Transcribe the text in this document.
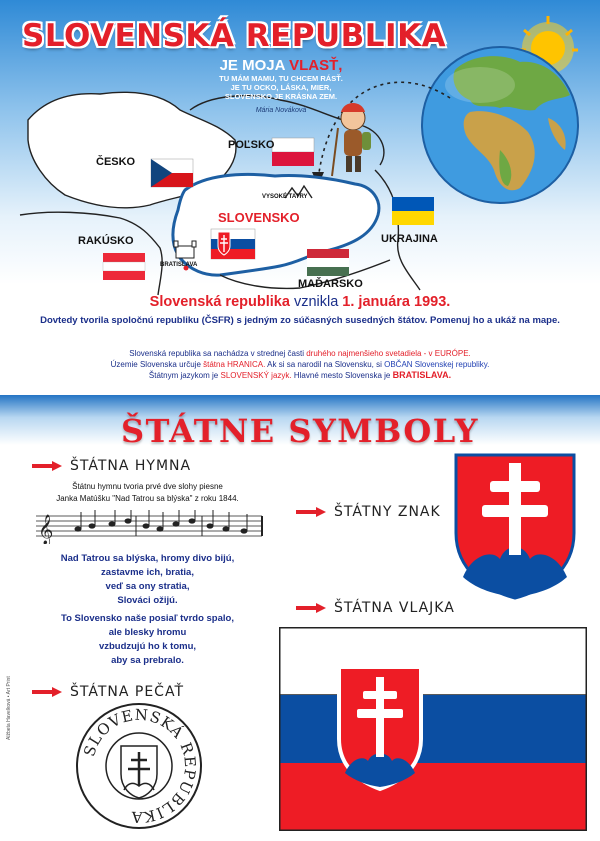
SLOVENSKÁ REPUBLIKA
JE MOJA VLASŤ,
TU MÁM MAMU, TU CHCEM RÁSŤ.
JE TU OCKO, LÁSKA, MIER,
SLOVENSKO JE KRÁSNA ZEM.
Mária Nováková
ČESKO
POĽSKO
SLOVENSKO
RAKÚSKO	UKRAJINA
MAĎARSKO
VYSOKÉ TATRY
BRATISLAVA
Slovenská republika vznikla 1. januára 1993.
Dovtedy tvorila spoločnú republiku (ČSFR) s jedným zo súčasných susedných štátov. Pomenuj ho a ukáž na mape.
Slovenská republika sa nachádza v strednej časti druhého najmenšieho svetadiela - v EURÓPE.
Územie Slovenska určuje štátna HRANICA. Ak si sa narodil na Slovensku, si OBČAN Slovenskej republiky.
Štátnym jazykom je SLOVENSKÝ jazyk. Hlavné mesto Slovenska je BRATISLAVA.
ŠTÁTNE SYMBOLY
ŠTÁTNA HYMNA
Štátnu hymnu tvoria prvé dve slohy piesne
Janka Matúšku "Nad Tatrou sa blýska" z roku 1844.
𝄞
Nad Tatrou sa blýska, hromy divo bijú,
zastavme ich, bratia,
veď sa ony stratia,
Slováci ožijú.
To Slovensko naše posiaľ tvrdo spalo,
ale blesky hromu
vzbudzujú ho k tomu,
aby sa prebralo.
ŠTÁTNY ZNAK
ŠTÁTNA VLAJKA
ŠTÁTNA PEČAŤ
SLOVENSKÁ REPUBLIKA
Alžbeta Havelková • Art Print
